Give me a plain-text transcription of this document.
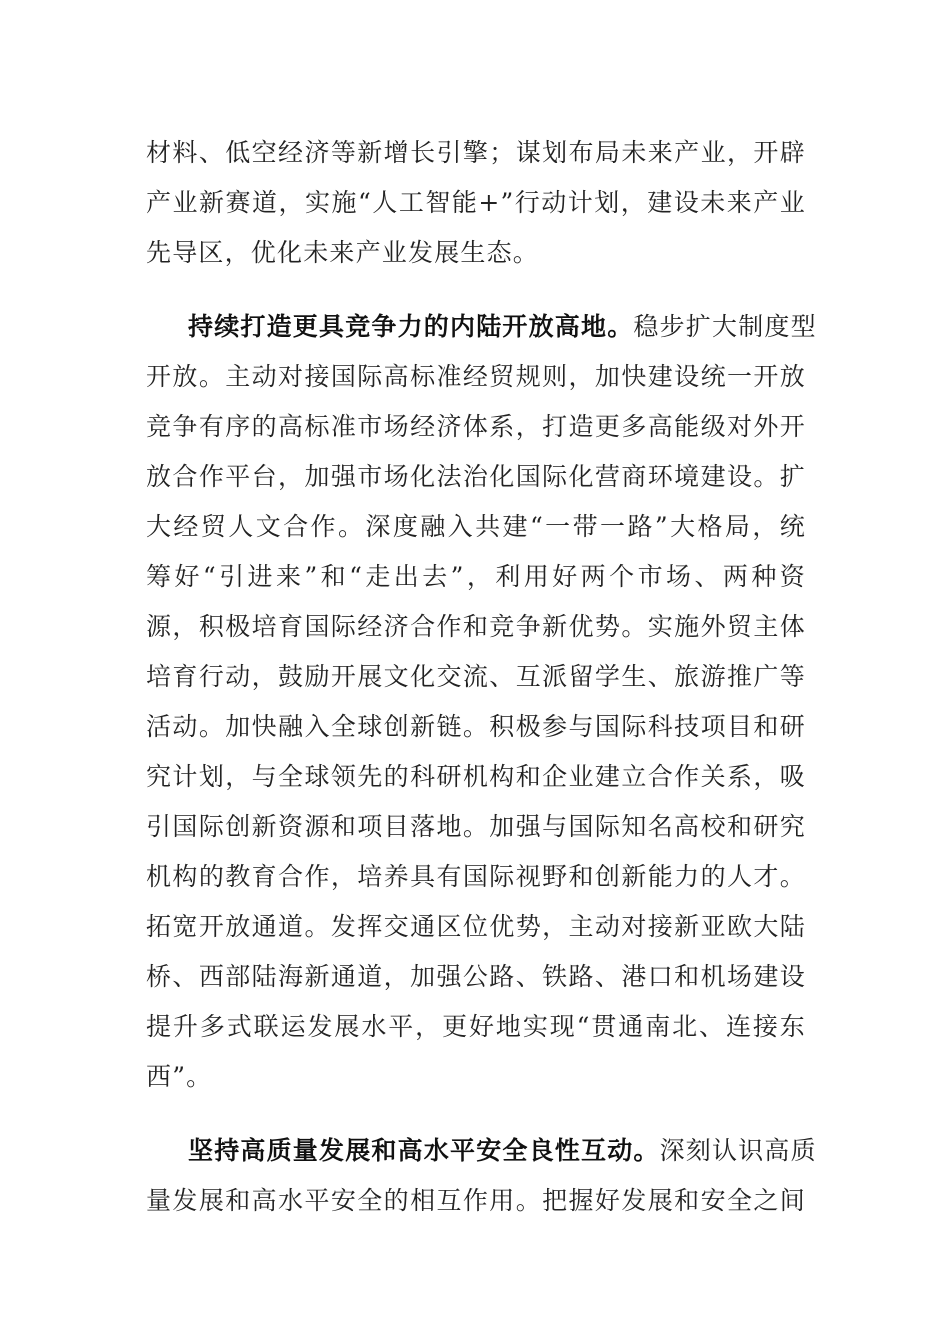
材料、低空经济等新增长引擎；谋划布局未来产业，开辟
产业新赛道，实施“人工智能+”行动计划，建设未来产业
先导区，优化未来产业发展生态。
持续打造更具竞争力的内陆开放高地。稳步扩大制度型
开放。主动对接国际高标准经贸规则，加快建设统一开放
竞争有序的高标准市场经济体系，打造更多高能级对外开
放合作平台，加强市场化法治化国际化营商环境建设。扩
大经贸人文合作。深度融入共建“一带一路”大格局，统
筹好“引进来”和“走出去”，利用好两个市场、两种资
源，积极培育国际经济合作和竞争新优势。实施外贸主体
培育行动，鼓励开展文化交流、互派留学生、旅游推广等
活动。加快融入全球创新链。积极参与国际科技项目和研
究计划，与全球领先的科研机构和企业建立合作关系，吸
引国际创新资源和项目落地。加强与国际知名高校和研究
机构的教育合作，培养具有国际视野和创新能力的人才。
拓宽开放通道。发挥交通区位优势，主动对接新亚欧大陆
桥、西部陆海新通道，加强公路、铁路、港口和机场建设
提升多式联运发展水平，更好地实现“贯通南北、连接东
西”。
坚持高质量发展和高水平安全良性互动。深刻认识高质
量发展和高水平安全的相互作用。把握好发展和安全之间
